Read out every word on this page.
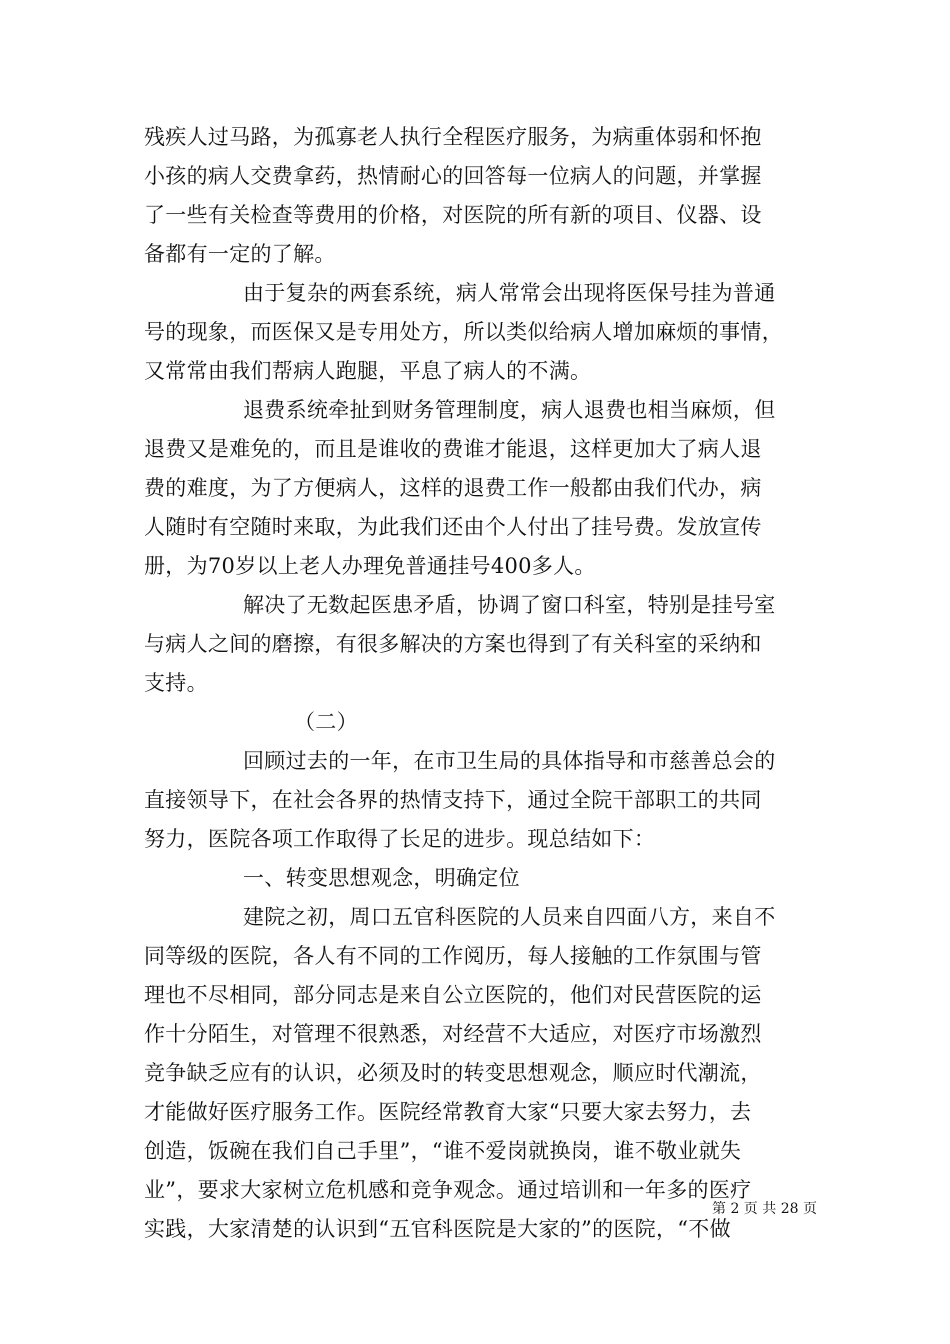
残疾人过马路，为孤寡老人执行全程医疗服务，为病重体弱和怀抱
小孩的病人交费拿药，热情耐心的回答每一位病人的问题，并掌握
了一些有关检查等费用的价格，对医院的所有新的项目、仪器、设
备都有一定的了解。
由于复杂的两套系统，病人常常会出现将医保号挂为普通
号的现象，而医保又是专用处方，所以类似给病人增加麻烦的事情，
又常常由我们帮病人跑腿，平息了病人的不满。
退费系统牵扯到财务管理制度，病人退费也相当麻烦，但
退费又是难免的，而且是谁收的费谁才能退，这样更加大了病人退
费的难度，为了方便病人，这样的退费工作一般都由我们代办，病
人随时有空随时来取，为此我们还由个人付出了挂号费。发放宣传
册，为70岁以上老人办理免普通挂号400多人。
解决了无数起医患矛盾，协调了窗口科室，特别是挂号室
与病人之间的磨擦，有很多解决的方案也得到了有关科室的采纳和
支持。
（二）
回顾过去的一年，在市卫生局的具体指导和市慈善总会的
直接领导下，在社会各界的热情支持下，通过全院干部职工的共同
努力，医院各项工作取得了长足的进步。现总结如下：
一、转变思想观念，明确定位
建院之初，周口五官科医院的人员来自四面八方，来自不
同等级的医院，各人有不同的工作阅历，每人接触的工作氛围与管
理也不尽相同，部分同志是来自公立医院的，他们对民营医院的运
作十分陌生，对管理不很熟悉，对经营不大适应，对医疗市场激烈
竞争缺乏应有的认识，必须及时的转变思想观念，顺应时代潮流，
才能做好医疗服务工作。医院经常教育大家“只要大家去努力，去
创造，饭碗在我们自己手里”，“谁不爱岗就换岗，谁不敬业就失
业”，要求大家树立危机感和竞争观念。通过培训和一年多的医疗
实践，大家清楚的认识到“五官科医院是大家的”的医院，“不做
第 2 页 共 28 页
